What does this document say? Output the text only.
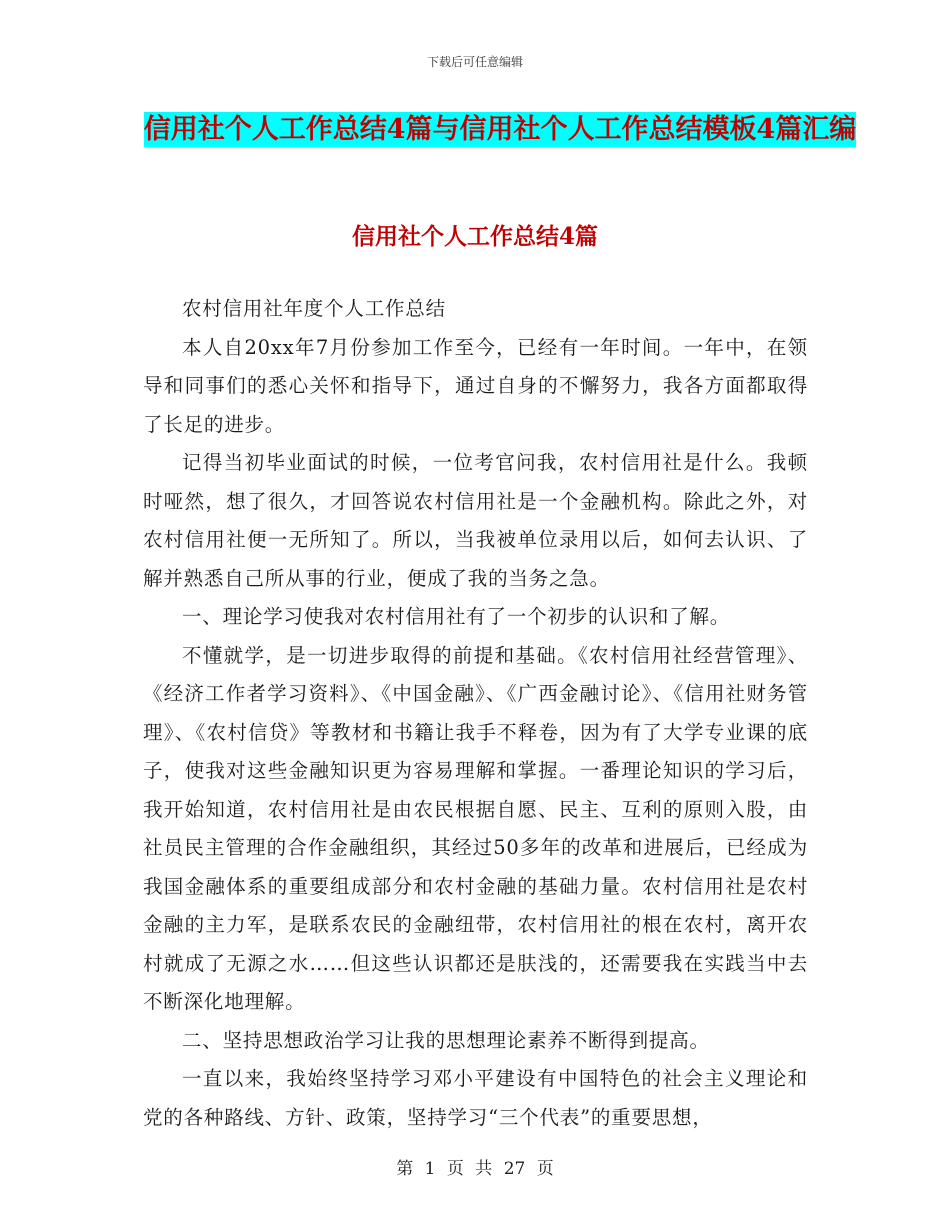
下载后可任意编辑
信用社个人工作总结4篇与信用社个人工作总结模板4篇汇编
信用社个人工作总结4篇

农村信用社年度个人工作总结

本人自20xx年7月份参加工作至今，已经有一年时间。一年中，在领导和同事们的悉心关怀和指导下，通过自身的不懈努力，我各方面都取得了长足的进步。

记得当初毕业面试的时候，一位考官问我，农村信用社是什么。我顿时哑然，想了很久，才回答说农村信用社是一个金融机构。除此之外，对农村信用社便一无所知了。所以，当我被单位录用以后，如何去认识、了解并熟悉自己所从事的行业，便成了我的当务之急。

一、理论学习使我对农村信用社有了一个初步的认识和了解。

不懂就学，是一切进步取得的前提和基础。《农村信用社经营管理》、《经济工作者学习资料》、《中国金融》、《广西金融讨论》、《信用社财务管理》、《农村信贷》等教材和书籍让我手不释卷，因为有了大学专业课的底子，使我对这些金融知识更为容易理解和掌握。一番理论知识的学习后，我开始知道，农村信用社是由农民根据自愿、民主、互利的原则入股，由社员民主管理的合作金融组织，其经过50多年的改革和进展后，已经成为我国金融体系的重要组成部分和农村金融的基础力量。农村信用社是农村金融的主力军，是联系农民的金融纽带，农村信用社的根在农村，离开农村就成了无源之水……但这些认识都还是肤浅的，还需要我在实践当中去不断深化地理解。

二、坚持思想政治学习让我的思想理论素养不断得到提高。

一直以来，我始终坚持学习邓小平建设有中国特色的社会主义理论和党的各种路线、方针、政策，坚持学习“三个代表”的重要思想，

第 1 页 共 27 页
